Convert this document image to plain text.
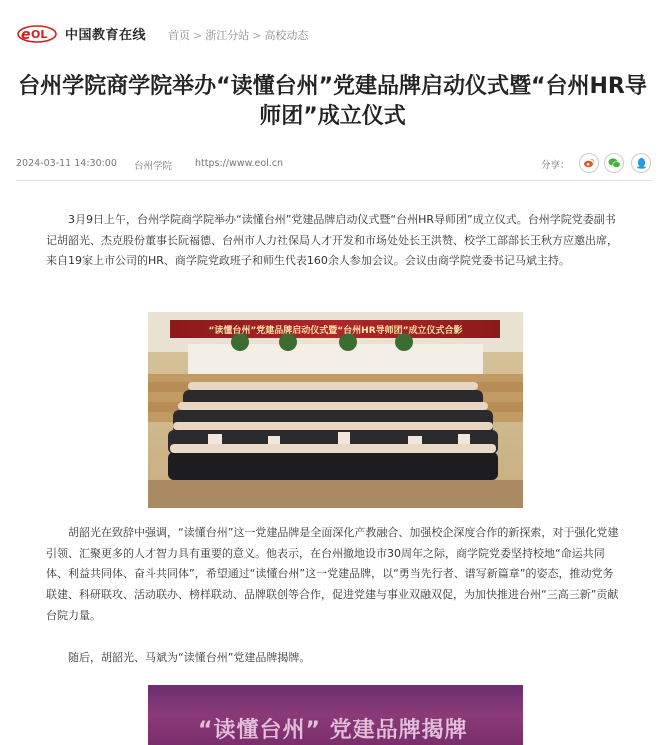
e OL 中国教育在线 首页 > 浙江分站 > 高校动态
台州学院商学院举办“读懂台州”党建品牌启动仪式暨“台州HR导师团”成立仪式
2024-03-11 14:30:00 台州学院 https://www.eol.cn	分享：

3月9日上午，台州学院商学院举办“读懂台州”党建品牌启动仪式暨“台州HR导师团”成立仪式。台州学院党委副书记胡韶光、杰克股份董事长阮福德、台州市人力社保局人才开发和市场处处长王洪赞、校学工部部长王秋方应邀出席，来自19家上市公司的HR、商学院党政班子和师生代表160余人参加会议。会议由商学院党委书记马斌主持。

“读懂台州”党建品牌启动仪式暨“台州HR导师团”成立仪式合影

胡韶光在致辞中强调，“读懂台州”这一党建品牌是全面深化产教融合、加强校企深度合作的新探索，对于强化党建引领、汇聚更多的人才智力具有重要的意义。他表示，在台州撤地设市30周年之际，商学院党委坚持校地“命运共同体、利益共同体、奋斗共同体”，希望通过“读懂台州”这一党建品牌，以“勇当先行者、谱写新篇章”的姿态，推动党务联建、科研联攻、活动联办、榜样联动、品牌联创等合作，促进党建与事业双融双促，为加快推进台州“三高三新”贡献台院力量。

随后，胡韶光、马斌为“读懂台州”党建品牌揭牌。

“读懂台州” 党建品牌揭牌
